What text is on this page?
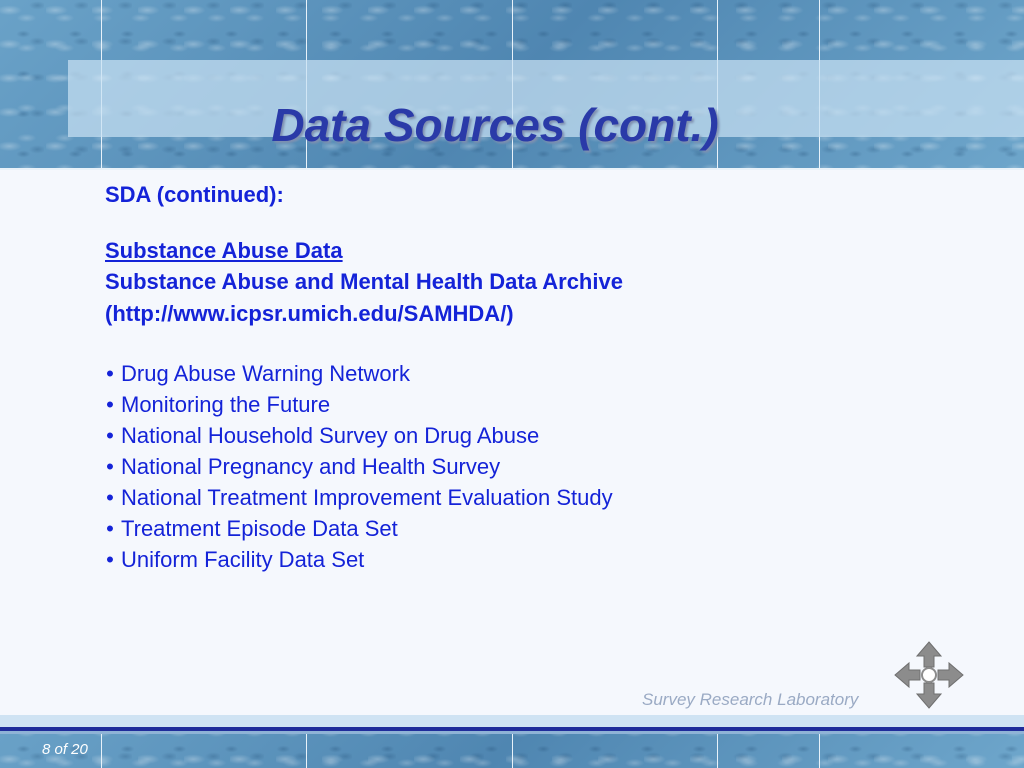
Data Sources (cont.)
SDA (continued):
Substance Abuse Data
Substance Abuse and Mental Health Data Archive
(http://www.icpsr.umich.edu/SAMHDA/)
• Drug Abuse Warning Network
• Monitoring the Future
• National Household Survey on Drug Abuse
• National Pregnancy and Health Survey
• National Treatment Improvement Evaluation Study
• Treatment Episode Data Set
• Uniform Facility Data Set
Survey Research Laboratory
8 of 20
